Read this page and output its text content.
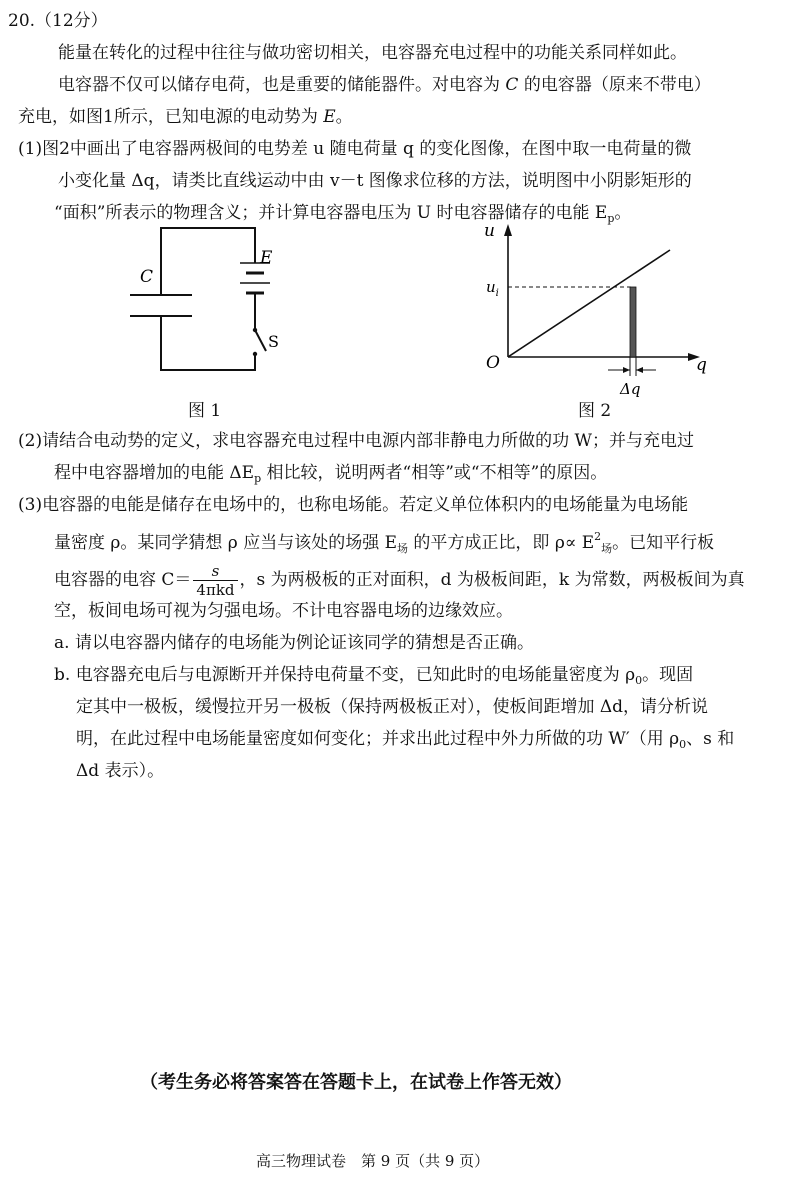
20.（12分）
能量在转化的过程中往往与做功密切相关，电容器充电过程中的功能关系同样如此。
电容器不仅可以储存电荷，也是重要的储能器件。对电容为 C 的电容器（原来不带电）
充电，如图1所示，已知电源的电动势为 E。
(1)图2中画出了电容器两极间的电势差 u 随电荷量 q 的变化图像，在图中取一电荷量的微
小变化量 Δq，请类比直线运动中由 v－t 图像求位移的方法，说明图中小阴影矩形的
“面积”所表示的物理含义；并计算电容器电压为 U 时电容器储存的电能 $E_p$。
C
E
S
图 1
u
q
O
$u_i$
Δq
图 2
(2)请结合电动势的定义，求电容器充电过程中电源内部非静电力所做的功 W；并与充电过
程中电容器增加的电能 $\Delta E_p$ 相比较，说明两者“相等”或“不相等”的原因。
(3)电容器的电能是储存在电场中的，也称电场能。若定义单位体积内的电场能量为电场能
量密度 ρ。某同学猜想 ρ 应当与该处的场强 $E_场$ 的平方成正比，即 $\rho\propto E^2_场$。已知平行板
电容器的电容 $C= \frac{s}{\text{4πkd}}$ ，s 为两极板的正对面积，d 为极板间距，k 为常数，两极板间为真
空，板间电场可视为匀强电场。不计电容器电场的边缘效应。
a. 请以电容器内储存的电场能为例论证该同学的猜想是否正确。
b. 电容器充电后与电源断开并保持电荷量不变，已知此时的电场能量密度为 $\rho_0$。现固
定其中一极板，缓慢拉开另一极板（保持两极板正对），使板间距增加 Δd，请分析说
明，在此过程中电场能量密度如何变化；并求出此过程中外力所做的功 W′（用 $\rho_0$、s 和
Δd 表示）。
（考生务必将答案答在答题卡上，在试卷上作答无效）
高三物理试卷　第 9 页（共 9 页）
